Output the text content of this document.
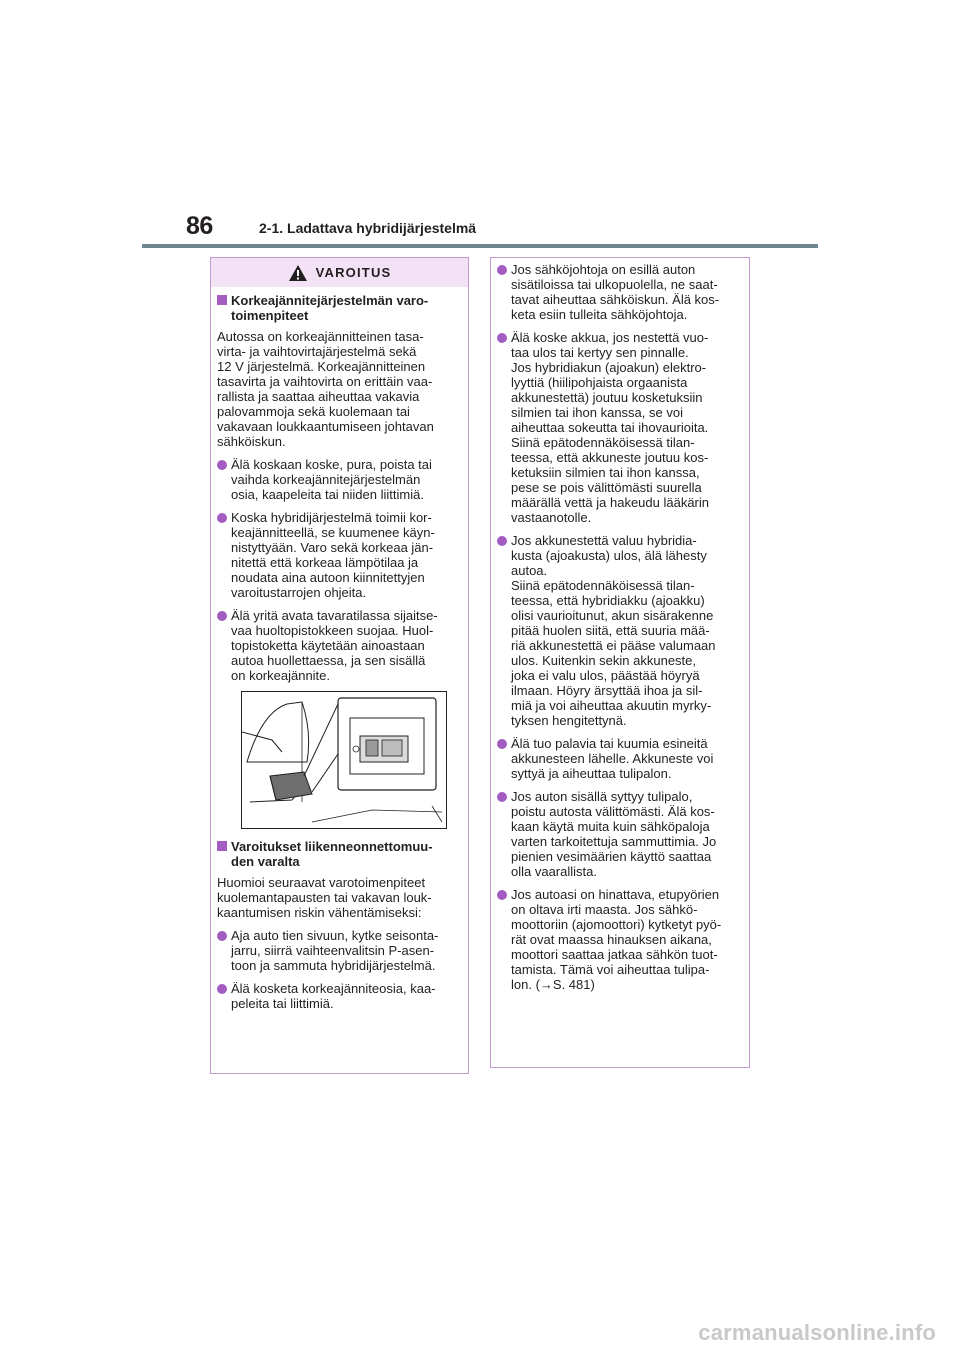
86	2-1. Ladattava hybridijärjestelmä
VAROITUS
Korkeajännitejärjestelmän varo-
toimenpiteet
Autossa on korkeajännitteinen tasa-
virta- ja vaihtovirtajärjestelmä sekä
12 V järjestelmä. Korkeajännitteinen
tasavirta ja vaihtovirta on erittäin vaa-
rallista ja saattaa aiheuttaa vakavia
palovammoja sekä kuolemaan tai
vakavaan loukkaantumiseen johtavan
sähköiskun.
Älä koskaan koske, pura, poista tai
vaihda korkeajännitejärjestelmän
osia, kaapeleita tai niiden liittimiä.
Koska hybridijärjestelmä toimii kor-
keajännitteellä, se kuumenee käyn-
nistyttyään. Varo sekä korkeaa jän-
nitettä että korkeaa lämpötilaa ja
noudata aina autoon kiinnitettyjen
varoitustarrojen ohjeita.
Älä yritä avata tavaratilassa sijaitse-
vaa huoltopistokkeen suojaa. Huol-
topistoketta käytetään ainoastaan
autoa huollettaessa, ja sen sisällä
on korkeajännite.
Varoitukset liikenneonnettomuu-
den varalta
Huomioi seuraavat varotoimenpiteet
kuolemantapausten tai vakavan louk-
kaantumisen riskin vähentämiseksi:
Aja auto tien sivuun, kytke seisonta-
jarru, siirrä vaihteenvalitsin P-asen-
toon ja sammuta hybridijärjestelmä.
Älä kosketa korkeajänniteosia, kaa-
peleita tai liittimiä.
Jos sähköjohtoja on esillä auton
sisätiloissa tai ulkopuolella, ne saat-
tavat aiheuttaa sähköiskun. Älä kos-
keta esiin tulleita sähköjohtoja.
Älä koske akkua, jos nestettä vuo-
taa ulos tai kertyy sen pinnalle.
Jos hybridiakun (ajoakun) elektro-
lyyttiä (hiilipohjaista orgaanista
akkunestettä) joutuu kosketuksiin
silmien tai ihon kanssa, se voi
aiheuttaa sokeutta tai ihovaurioita.
Siinä epätodennäköisessä tilan-
teessa, että akkuneste joutuu kos-
ketuksiin silmien tai ihon kanssa,
pese se pois välittömästi suurella
määrällä vettä ja hakeudu lääkärin
vastaanotolle.
Jos akkunestettä valuu hybridia-
kusta (ajoakusta) ulos, älä lähesty
autoa.
Siinä epätodennäköisessä tilan-
teessa, että hybridiakku (ajoakku)
olisi vaurioitunut, akun sisärakenne
pitää huolen siitä, että suuria mää-
riä akkunestettä ei pääse valumaan
ulos. Kuitenkin sekin akkuneste,
joka ei valu ulos, päästää höyryä
ilmaan. Höyry ärsyttää ihoa ja sil-
miä ja voi aiheuttaa akuutin myrky-
tyksen hengitettynä.
Älä tuo palavia tai kuumia esineitä
akkunesteen lähelle. Akkuneste voi
syttyä ja aiheuttaa tulipalon.
Jos auton sisällä syttyy tulipalo,
poistu autosta välittömästi. Älä kos-
kaan käytä muita kuin sähköpaloja
varten tarkoitettuja sammuttimia. Jo
pienien vesimäärien käyttö saattaa
olla vaarallista.
Jos autoasi on hinattava, etupyörien
on oltava irti maasta. Jos sähkö-
moottoriin (ajomoottori) kytketyt pyö-
rät ovat maassa hinauksen aikana,
moottori saattaa jatkaa sähkön tuot-
tamista. Tämä voi aiheuttaa tulipa-
lon. (→S. 481)
carmanualsonline.info
